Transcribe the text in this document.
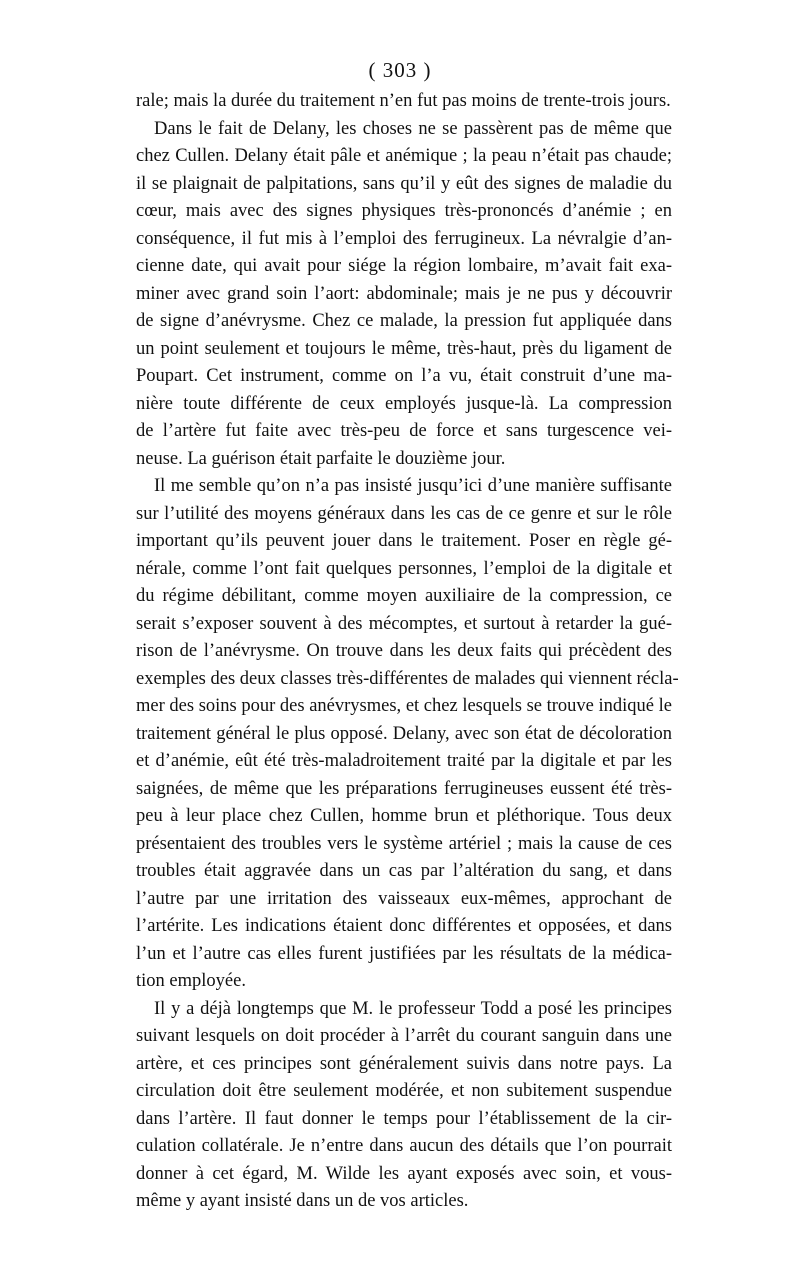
( 303 )
rale; mais la durée du traitement n’en fut pas moins de trente-trois jours.
Dans le fait de Delany, les choses ne se passèrent pas de même que
chez Cullen. Delany était pâle et anémique ; la peau n’était pas chaude;
il se plaignait de palpitations, sans qu’il y eût des signes de maladie du
cœur, mais avec des signes physiques très-prononcés d’anémie ; en
conséquence, il fut mis à l’emploi des ferrugineux. La névralgie d’an-
cienne date, qui avait pour siége la région lombaire, m’avait fait exa-
miner avec grand soin l’aort: abdominale; mais je ne pus y découvrir
de signe d’anévrysme. Chez ce malade, la pression fut appliquée dans
un point seulement et toujours le même, très-haut, près du ligament de
Poupart. Cet instrument, comme on l’a vu, était construit d’une ma-
nière toute différente de ceux employés jusque-là. La compression
de l’artère fut faite avec très-peu de force et sans turgescence vei-
neuse. La guérison était parfaite le douzième jour.
Il me semble qu’on n’a pas insisté jusqu’ici d’une manière suffisante
sur l’utilité des moyens généraux dans les cas de ce genre et sur le rôle
important qu’ils peuvent jouer dans le traitement. Poser en règle gé-
nérale, comme l’ont fait quelques personnes, l’emploi de la digitale et
du régime débilitant, comme moyen auxiliaire de la compression, ce
serait s’exposer souvent à des mécomptes, et surtout à retarder la gué-
rison de l’anévrysme. On trouve dans les deux faits qui précèdent des
exemples des deux classes très-différentes de malades qui viennent récla-
mer des soins pour des anévrysmes, et chez lesquels se trouve indiqué le
traitement général le plus opposé. Delany, avec son état de décoloration
et d’anémie, eût été très-maladroitement traité par la digitale et par les
saignées, de même que les préparations ferrugineuses eussent été très-
peu à leur place chez Cullen, homme brun et pléthorique. Tous deux
présentaient des troubles vers le système artériel ; mais la cause de ces
troubles était aggravée dans un cas par l’altération du sang, et dans
l’autre par une irritation des vaisseaux eux-mêmes, approchant de
l’artérite. Les indications étaient donc différentes et opposées, et dans
l’un et l’autre cas elles furent justifiées par les résultats de la médica-
tion employée.
Il y a déjà longtemps que M. le professeur Todd a posé les principes
suivant lesquels on doit procéder à l’arrêt du courant sanguin dans une
artère, et ces principes sont généralement suivis dans notre pays. La
circulation doit être seulement modérée, et non subitement suspendue
dans l’artère. Il faut donner le temps pour l’établissement de la cir-
culation collatérale. Je n’entre dans aucun des détails que l’on pourrait
donner à cet égard, M. Wilde les ayant exposés avec soin, et vous-
même y ayant insisté dans un de vos articles.
